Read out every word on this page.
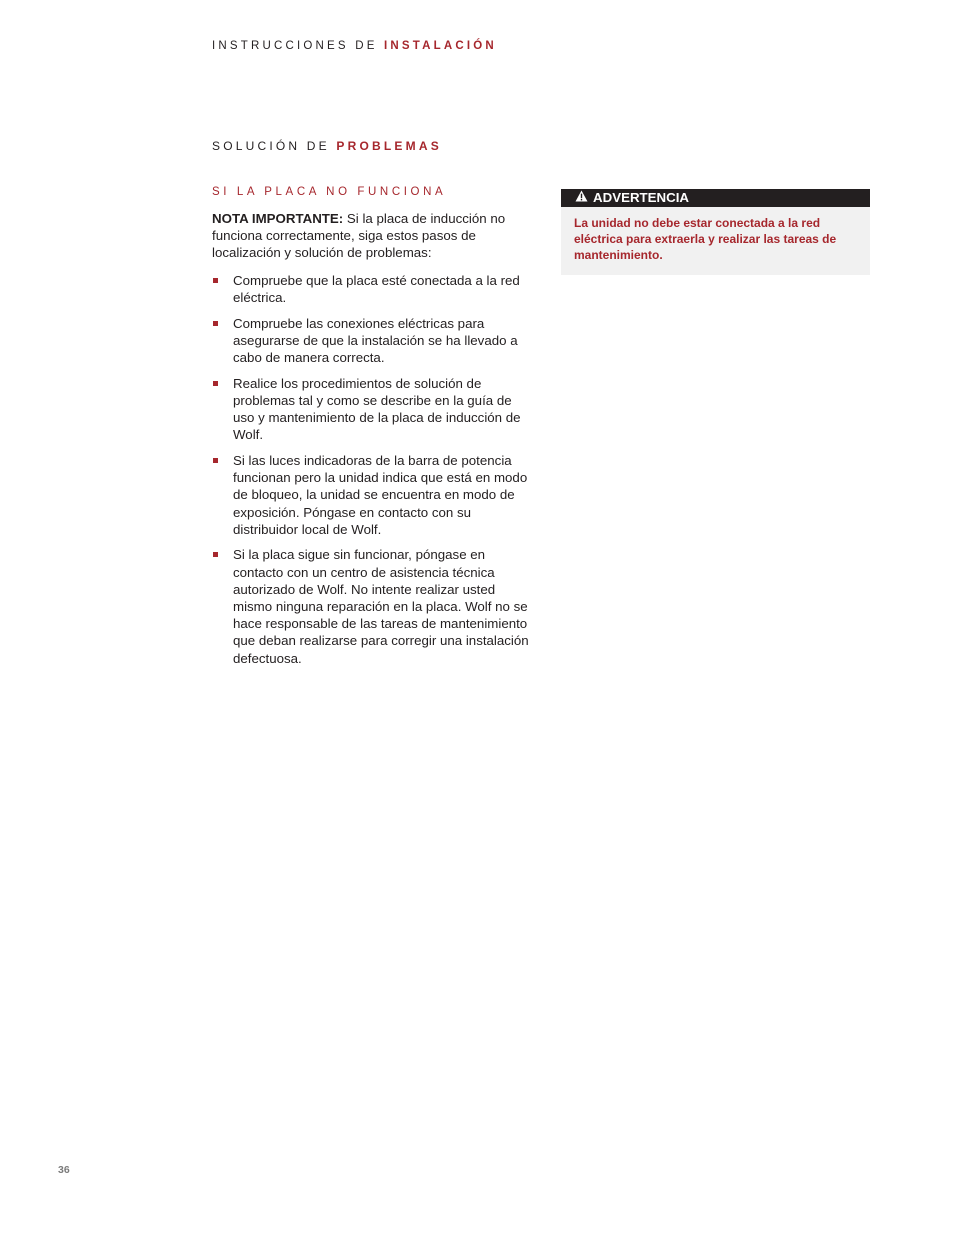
INSTRUCCIONES DE INSTALACIÓN
SOLUCIÓN DE PROBLEMAS
SI LA PLACA NO FUNCIONA

NOTA IMPORTANTE: Si la placa de inducción no funciona correctamente, siga estos pasos de localización y solución de problemas:

Compruebe que la placa esté conectada a la red eléctrica.
Compruebe las conexiones eléctricas para asegurarse de que la instalación se ha llevado a cabo de manera correcta.
Realice los procedimientos de solución de problemas tal y como se describe en la guía de uso y mantenimiento de la placa de inducción de Wolf.
Si las luces indicadoras de la barra de potencia funcionan pero la unidad indica que está en modo de bloqueo, la unidad se encuentra en modo de exposición. Póngase en contacto con su distribuidor local de Wolf.
Si la placa sigue sin funcionar, póngase en contacto con un centro de asistencia técnica autorizado de Wolf. No intente realizar usted mismo ninguna reparación en la placa. Wolf no se hace responsable de las tareas de mantenimiento que deban realizarse para corregir una instalación defectuosa.
ADVERTENCIA
La unidad no debe estar conectada a la red eléctrica para extraerla y realizar las tareas de mantenimiento.
36
